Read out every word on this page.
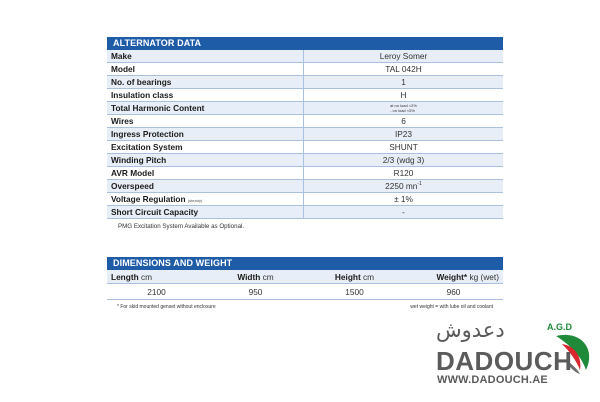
ALTERNATOR DATA
Make	Leroy Somer
Model	TAL 042H
No. of bearings	1
Insulation class	H
Total Harmonic Content	at no load <2%
- on load <5%
Wires	6
Ingress Protection	IP23
Excitation System	SHUNT
Winding Pitch	2/3 (wdg 3)
AVR Model	R120
Overspeed	2250 $mn^{-1}$
Voltage Regulation (steady)	± 1%
Short Circuit Capacity	-
PMG Excitation System Available as Optional.
DIMENSIONS AND WEIGHT
Length cm	Width cm	Height cm	Weight* kg (wet)
2100	950	1500	960
* For skid mounted genset without enclosure	wet weight = with lube oil and coolant
دعدوش	A.G.D
DADOUCH
WWW.DADOUCH.AE
